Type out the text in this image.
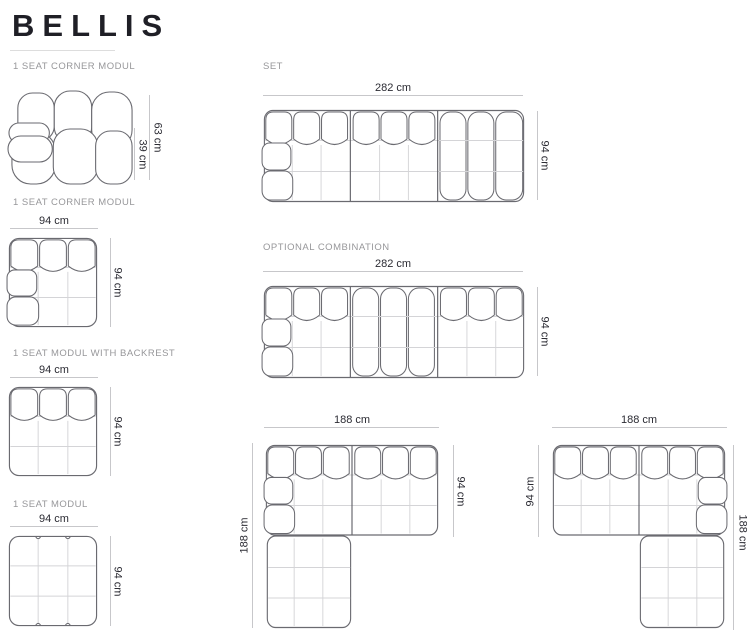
BELLIS
1 SEAT CORNER MODUL
63 cm
39 cm
1 SEAT CORNER MODUL
94 cm
94 cm
1 SEAT MODUL WITH BACKREST
94 cm
94 cm
1 SEAT MODUL
94 cm
94 cm
SET
282 cm
94 cm
OPTIONAL COMBINATION
282 cm
94 cm
188 cm
188 cm
94 cm
188 cm
94 cm
188 cm
